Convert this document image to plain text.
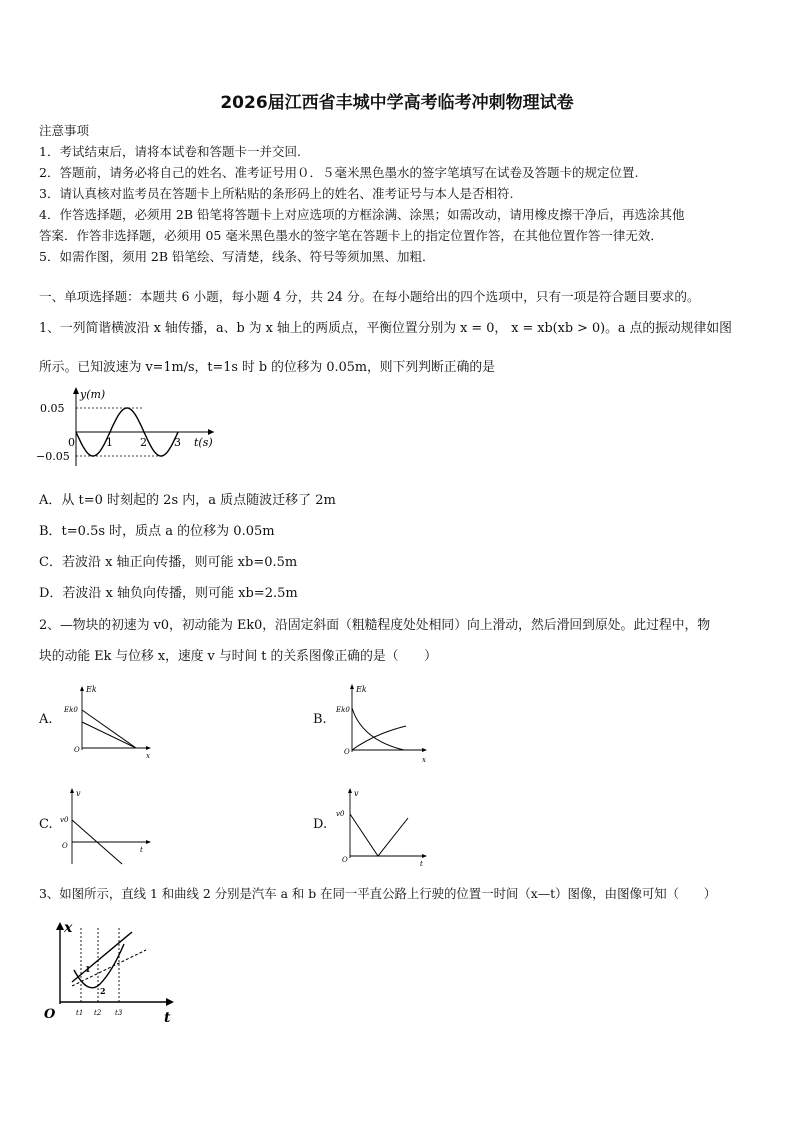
2026届江西省丰城中学高考临考冲刺物理试卷
注意事项
1．考试结束后，请将本试卷和答题卡一并交回.
2．答题前，请务必将自己的姓名、准考证号用０．５毫米黑色墨水的签字笔填写在试卷及答题卡的规定位置.
3．请认真核对监考员在答题卡上所粘贴的条形码上的姓名、准考证号与本人是否相符.
4．作答选择题，必须用 2B 铅笔将答题卡上对应选项的方框涂满、涂黑；如需改动，请用橡皮擦干净后，再选涂其他
答案．作答非选择题，必须用 05 毫米黑色墨水的签字笔在答题卡上的指定位置作答，在其他位置作答一律无效．
5．如需作图，须用 2B 铅笔绘、写清楚，线条、符号等须加黑、加粗．
一、单项选择题：本题共 6 小题，每小题 4 分，共 24 分。在每小题给出的四个选项中，只有一项是符合题目要求的。
1、一列简谐横波沿 x 轴传播，a、b 为 x 轴上的两质点，平衡位置分别为 x = 0， x = xb(xb > 0)。a 点的振动规律如图
所示。已知波速为 v=1m/s，t=1s 时 b 的位移为 0.05m，则下列判断正确的是
y(m)
0.05
−0.05
0	1 2 3 t(s)
A．从 t=0 时刻起的 2s 内，a 质点随波迁移了 2m
B．t=0.5s 时，质点 a 的位移为 0.05m
C．若波沿 x 轴正向传播，则可能 xb=0.5m
D．若波沿 x 轴负向传播，则可能 xb=2.5m
2、—物块的初速为 v0，初动能为 Ek0，沿固定斜面（粗糙程度处处相同）向上滑动，然后滑回到原处。此过程中，物
块的动能 Ek 与位移 x，速度 v 与时间 t 的关系图像正确的是（　　）
A.
Ek
Ek0
O
x
B.
Ek
Ek0
O
x
C.
v
v0
O	t
D.
v
v0
O	t
3、如图所示，直线 1 和曲线 2 分别是汽车 a 和 b 在同一平直公路上行驶的位置一时间（x—t）图像，由图像可知（　　）
x
O	t
1
2
t1 t2 t3
